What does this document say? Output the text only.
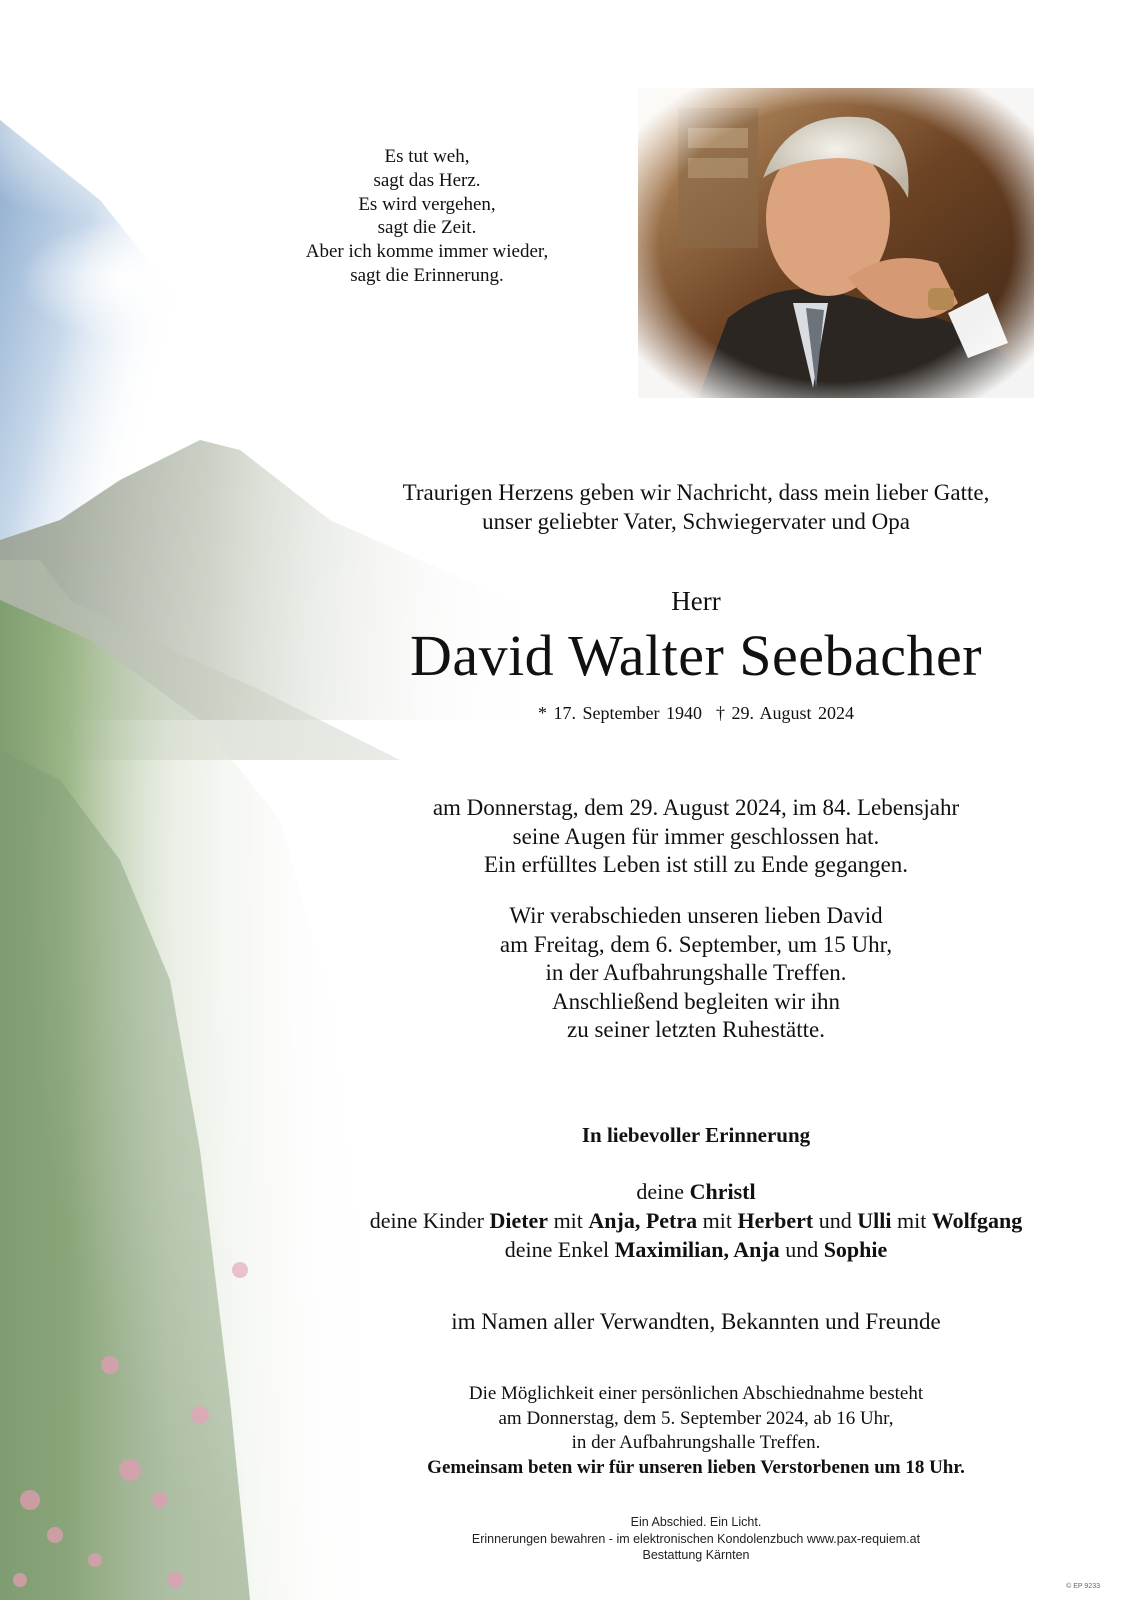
Es tut weh,
sagt das Herz.
Es wird vergehen,
sagt die Zeit.
Aber ich komme immer wieder,
sagt die Erinnerung.
Traurigen Herzens geben wir Nachricht, dass mein lieber Gatte,
unser geliebter Vater, Schwiegervater und Opa
Herr
David Walter Seebacher
* 17. September 1940 † 29. August 2024
am Donnerstag, dem 29. August 2024, im 84. Lebensjahr
seine Augen für immer geschlossen hat.
Ein erfülltes Leben ist still zu Ende gegangen.
Wir verabschieden unseren lieben David
am Freitag, dem 6. September, um 15 Uhr,
in der Aufbahrungshalle Treffen.
Anschließend begleiten wir ihn
zu seiner letzten Ruhestätte.
In liebevoller Erinnerung
deine Christl
deine Kinder Dieter mit Anja, Petra mit Herbert und Ulli mit Wolfgang
deine Enkel Maximilian, Anja und Sophie
im Namen aller Verwandten, Bekannten und Freunde
Die Möglichkeit einer persönlichen Abschiednahme besteht
am Donnerstag, dem 5. September 2024, ab 16 Uhr,
in der Aufbahrungshalle Treffen.
Gemeinsam beten wir für unseren lieben Verstorbenen um 18 Uhr.
Ein Abschied. Ein Licht.
Erinnerungen bewahren - im elektronischen Kondolenzbuch www.pax-requiem.at
Bestattung Kärnten
© EP 9233
